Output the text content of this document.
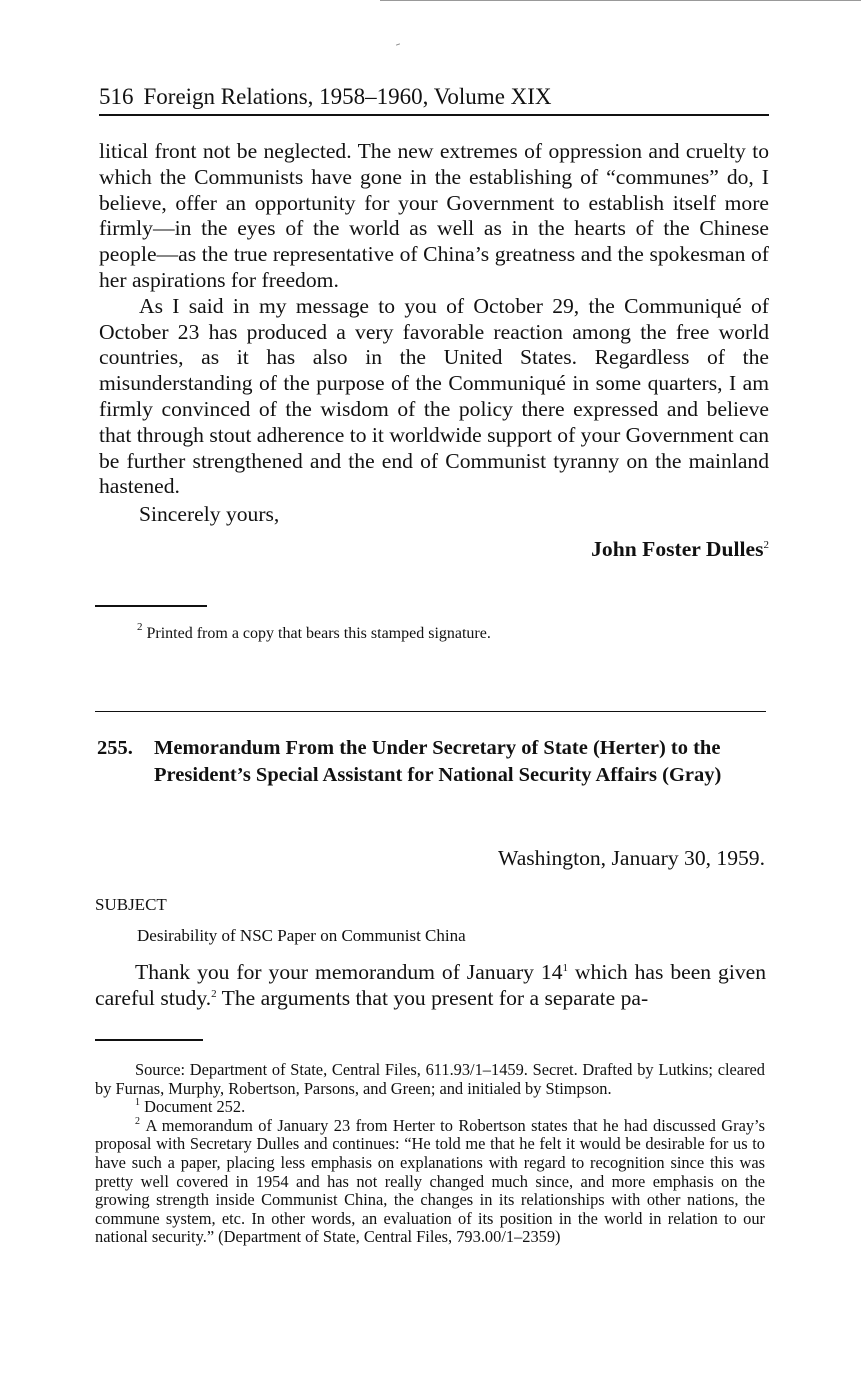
516 Foreign Relations, 1958–1960, Volume XIX

litical front not be neglected. The new extremes of oppression and cruelty to which the Communists have gone in the establishing of “communes” do, I believe, offer an opportunity for your Government to establish itself more firmly—in the eyes of the world as well as in the hearts of the Chinese people—as the true representative of China’s greatness and the spokesman of her aspirations for freedom.

As I said in my message to you of October 29, the Communiqué of October 23 has produced a very favorable reaction among the free world countries, as it has also in the United States. Regardless of the misunderstanding of the purpose of the Communiqué in some quarters, I am firmly convinced of the wisdom of the policy there expressed and believe that through stout adherence to it worldwide support of your Government can be further strengthened and the end of Communist tyranny on the mainland hastened.

Sincerely yours,
John Foster Dulles$^2$
$^2$ Printed from a copy that bears this stamped signature.
255. Memorandum From the Under Secretary of State (Herter) to the President’s Special Assistant for National Security Affairs (Gray)
Washington, January 30, 1959.
SUBJECT
Desirability of NSC Paper on Communist China

Thank you for your memorandum of January $14^1$ which has been given careful study.$^2$ The arguments that you present for a separate pa-

Source: Department of State, Central Files, 611.93/1–1459. Secret. Drafted by Lutkins; cleared by Furnas, Murphy, Robertson, Parsons, and Green; and initialed by Stimpson.

$^1$ Document 252.

$^2$ A memorandum of January 23 from Herter to Robertson states that he had discussed Gray’s proposal with Secretary Dulles and continues: “He told me that he felt it would be desirable for us to have such a paper, placing less emphasis on explanations with regard to recognition since this was pretty well covered in 1954 and has not really changed much since, and more emphasis on the growing strength inside Communist China, the changes in its relationships with other nations, the commune system, etc. In other words, an evaluation of its position in the world in relation to our national security.” (Department of State, Central Files, 793.00/1–2359)
